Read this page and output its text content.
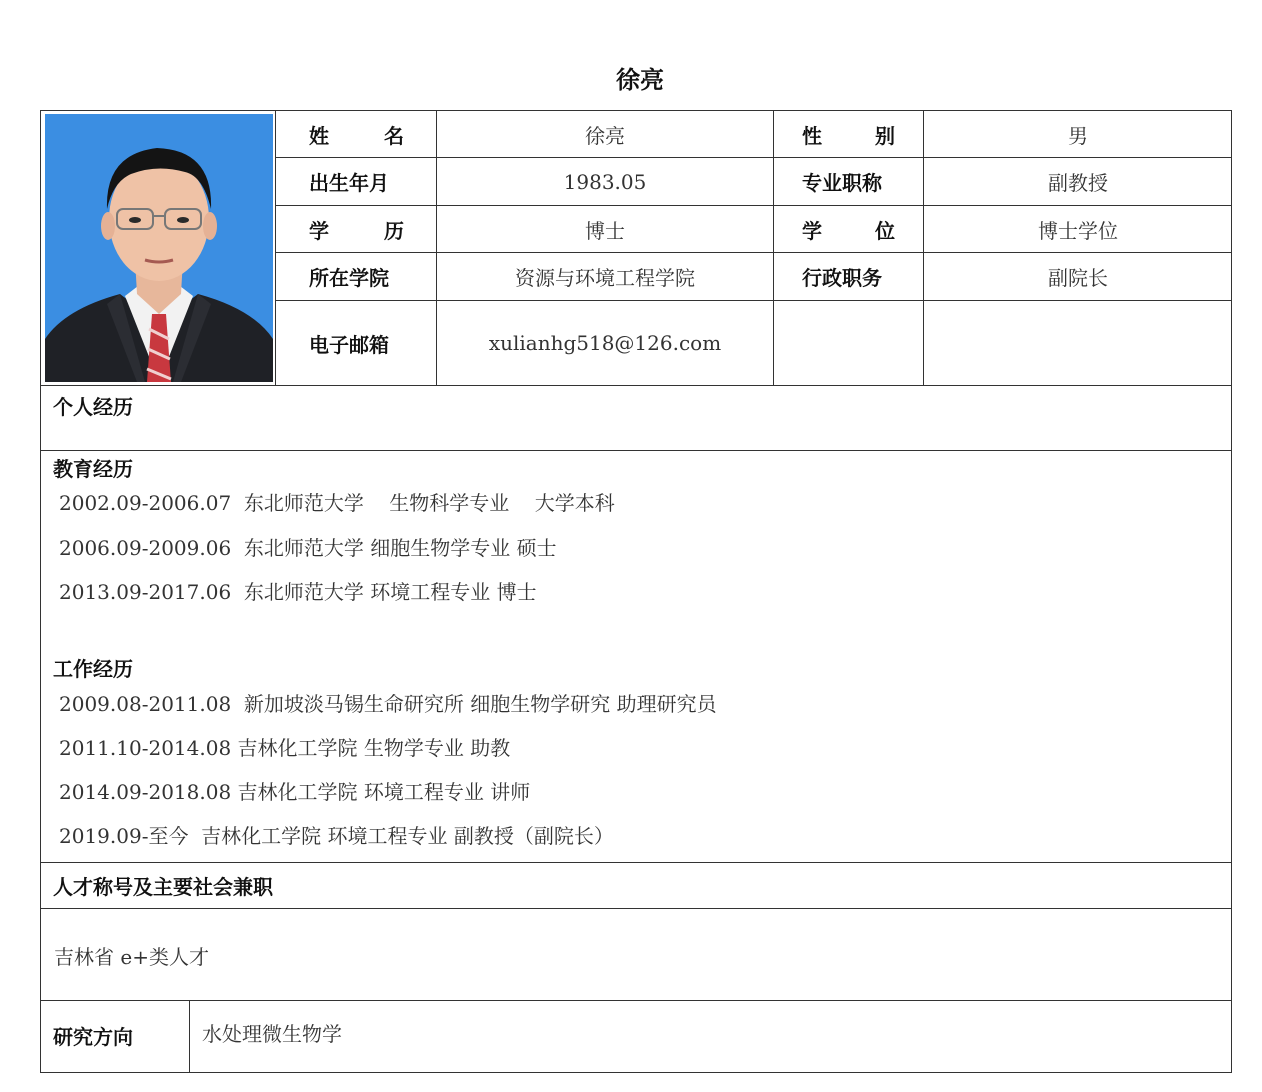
徐亮
姓	名	徐亮	性	别	男
出生年月	1983.05	专业职称	副教授
学	历	博士	学	位	博士学位
所在学院	资源与环境工程学院	行政职务	副院长
电子邮箱	xulianhg518@126.com
个人经历
教育经历
2002.09-2006.07  东北师范大学    生物科学专业    大学本科
2006.09-2009.06  东北师范大学 细胞生物学专业 硕士
2013.09-2017.06  东北师范大学 环境工程专业 博士
工作经历
2009.08-2011.08  新加坡淡马锡生命研究所 细胞生物学研究 助理研究员
2011.10-2014.08 吉林化工学院 生物学专业 助教
2014.09-2018.08 吉林化工学院 环境工程专业 讲师
2019.09-至今  吉林化工学院 环境工程专业 副教授（副院长）
人才称号及主要社会兼职
吉林省 e+类人才
研究方向	水处理微生物学
